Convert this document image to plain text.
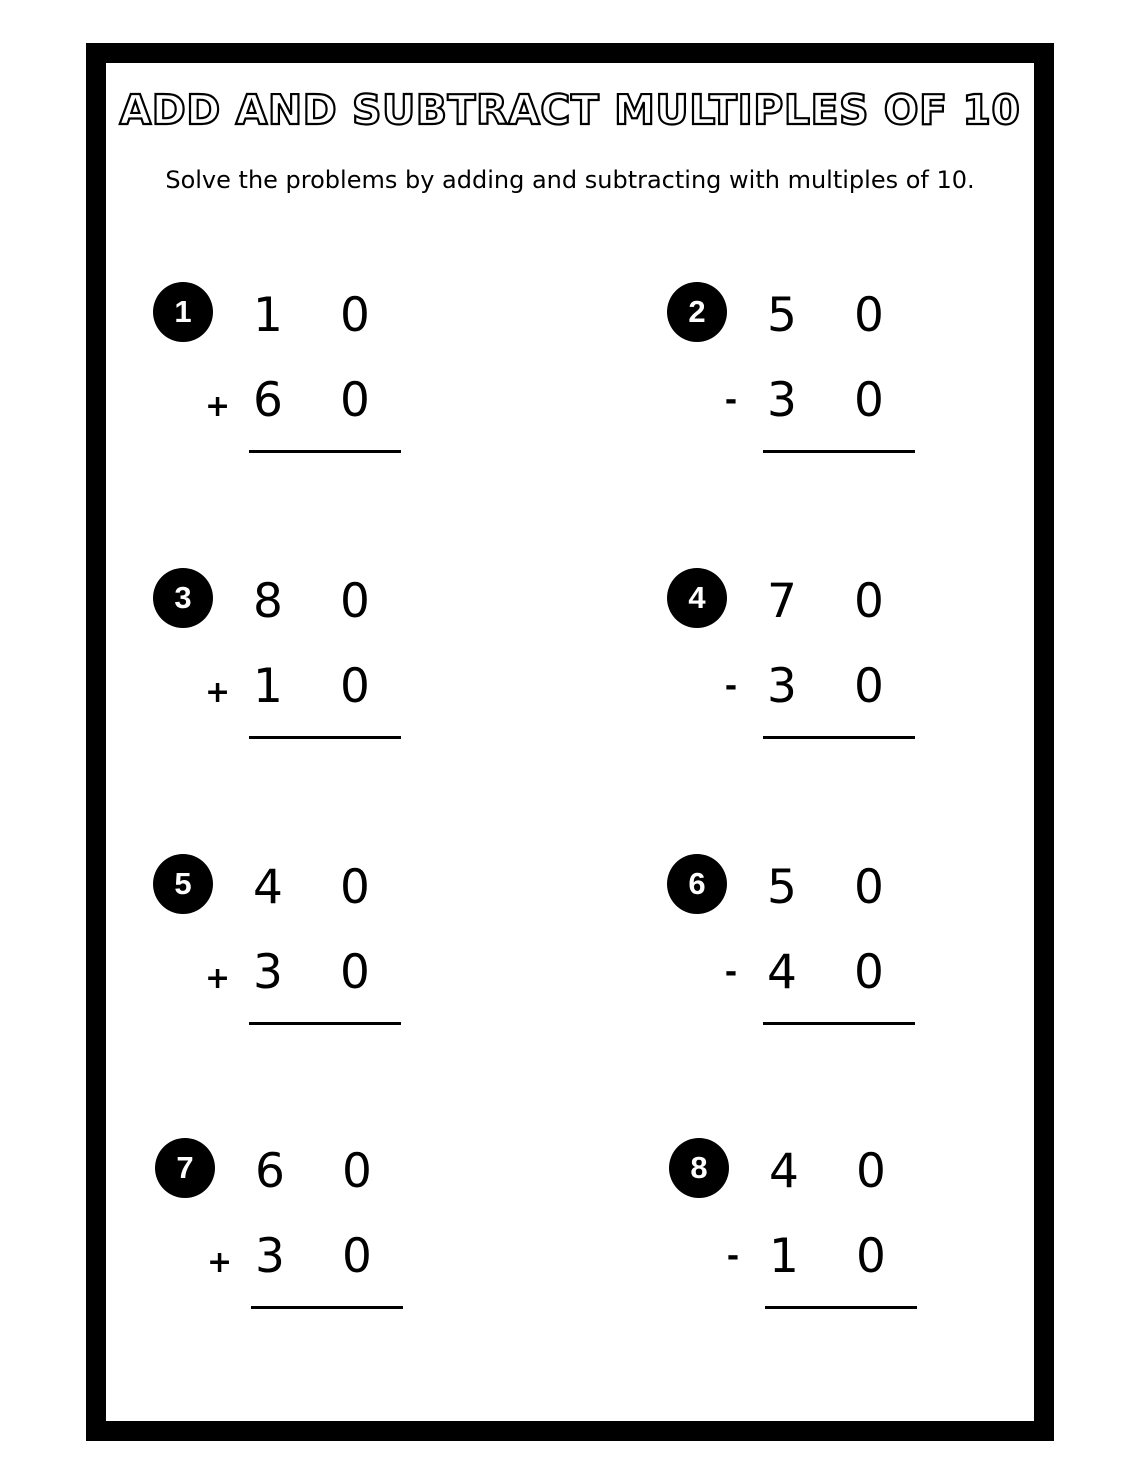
ADD AND SUBTRACT MULTIPLES OF 10

Solve the problems by adding and subtracting with multiples of 10.

1	1 0
+ 6 0
2	5 0
- 3 0
3	8 0
+ 1 0
4	7 0
- 3 0
5	4 0
+ 3 0
6	5 0
- 4 0
7	6 0
+ 3 0
8	4 0
- 1 0
